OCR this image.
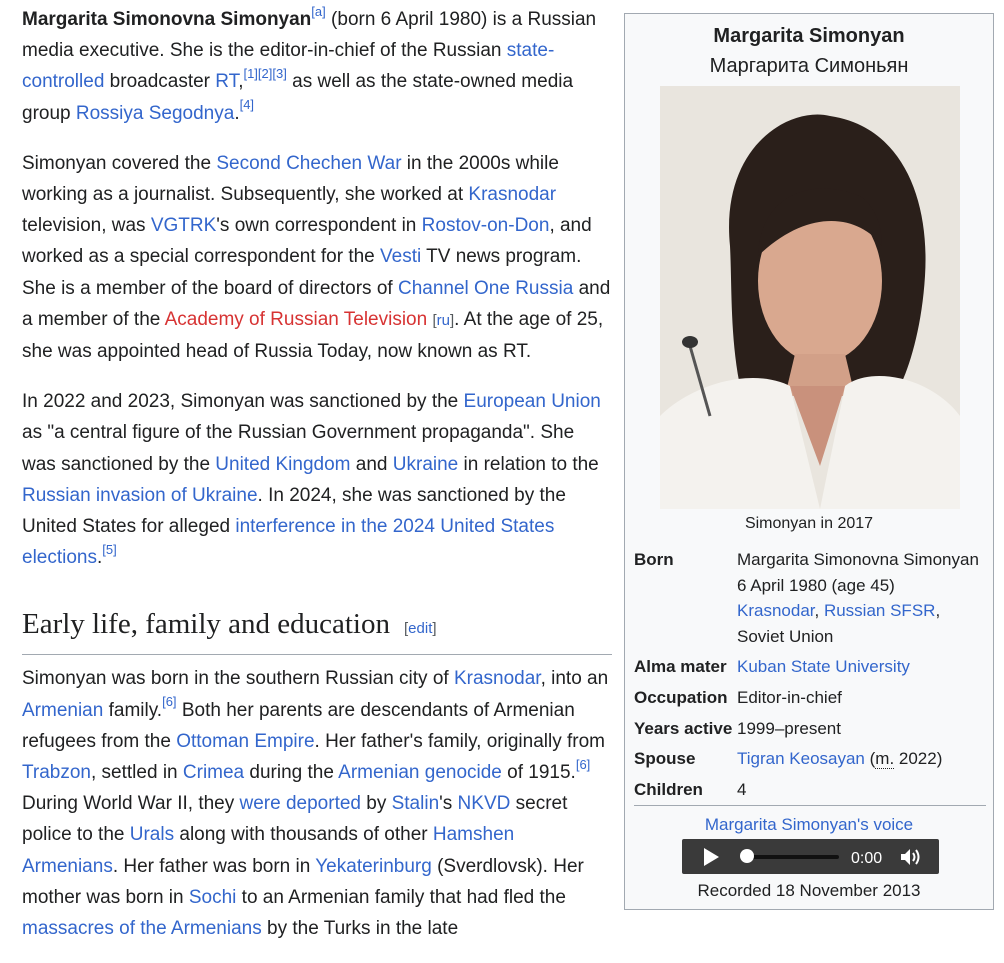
Margarita Simonovna Simonyan[a] (born 6 April 1980) is a Russian media executive. She is the editor-in-chief of the Russian state-controlled broadcaster RT,[1][2][3] as well as the state-owned media group Rossiya Segodnya.[4]

Simonyan covered the Second Chechen War in the 2000s while working as a journalist. Subsequently, she worked at Krasnodar television, was VGTRK's own correspondent in Rostov-on-Don, and worked as a special correspondent for the Vesti TV news program. She is a member of the board of directors of Channel One Russia and a member of the Academy of Russian Television [ru]. At the age of 25, she was appointed head of Russia Today, now known as RT.

In 2022 and 2023, Simonyan was sanctioned by the European Union as "a central figure of the Russian Government propaganda". She was sanctioned by the United Kingdom and Ukraine in relation to the Russian invasion of Ukraine. In 2024, she was sanctioned by the United States for alleged interference in the 2024 United States elections.[5]

Early life, family and education [edit]

Simonyan was born in the southern Russian city of Krasnodar, into an Armenian family.[6] Both her parents are descendants of Armenian refugees from the Ottoman Empire. Her father's family, originally from Trabzon, settled in Crimea during the Armenian genocide of 1915.[6] During World War II, they were deported by Stalin's NKVD secret police to the Urals along with thousands of other Hamshen Armenians. Her father was born in Yekaterinburg (Sverdlovsk). Her mother was born in Sochi to an Armenian family that had fled the massacres of the Armenians by the Turks in the late

Margarita Simonyan
Маргарита Симоньян
Simonyan in 2017
Born	Margarita Simonovna Simonyan
6 April 1980 (age 45)
Krasnodar, Russian SFSR,
Soviet Union

Alma mater	Kuban State University
Occupation	Editor-in-chief
Years active	1999–present
Spouse	Tigran Keosayan (m. 2022)
Children	4
Margarita Simonyan's voice
0:00
Recorded 18 November 2013
